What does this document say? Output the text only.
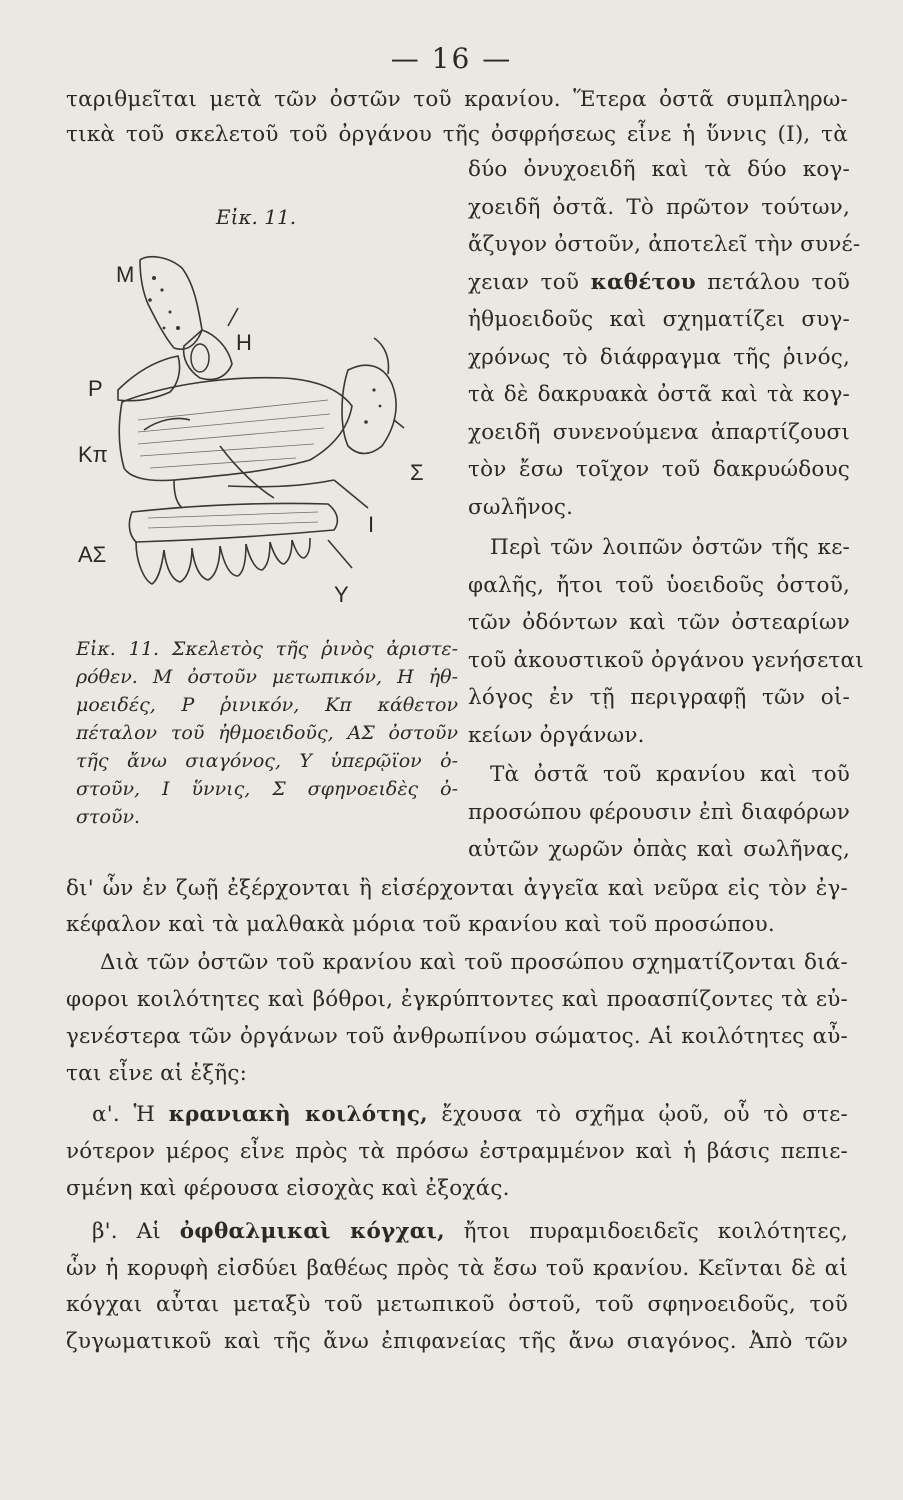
— 16 —
ταριθμεῖται μετὰ τῶν ὀστῶν τοῦ κρανίου. Ἕτερα ὀστᾶ συμπληρω-
τικὰ τοῦ σκελετοῦ τοῦ ὀργάνου τῆς ὀσφρήσεως εἶνε ἡ ὕννις (Ι), τὰ
Εἰκ. 11.
Μ
Η
Ρ
Κπ
ΑΣ
Σ
Ι
Υ
Εἰκ. 11. Σκελετὸς τῆς ῥινὸς ἀριστε-
ρόθεν. Μ ὀστοῦν μετωπικόν, Η ἠθ-
μοειδές, Ρ ῥινικόν, Κπ κάθετον
πέταλον τοῦ ἠθμοειδοῦς, ΑΣ ὀστοῦν
τῆς ἄνω σιαγόνος, Υ ὑπερῷϊον ὀ-
στοῦν, Ι ὕννις, Σ σφηνοειδὲς ὀ-
στοῦν.
δύο ὀνυχοειδῆ καὶ τὰ δύο κογ-
χοειδῆ ὀστᾶ. Τὸ πρῶτον τούτων,
ἄζυγον ὀστοῦν, ἀποτελεῖ τὴν συνέ-
χειαν τοῦ καθέτου πετάλου τοῦ
ἠθμοειδοῦς καὶ σχηματίζει συγ-
χρόνως τὸ διάφραγμα τῆς ῥινός,
τὰ δὲ δακρυακὰ ὀστᾶ καὶ τὰ κογ-
χοειδῆ συνενούμενα ἀπαρτίζουσι
τὸν ἔσω τοῖχον τοῦ δακρυώδους
σωλῆνος.
Περὶ τῶν λοιπῶν ὀστῶν τῆς κε-
φαλῆς, ἤτοι τοῦ ὑοειδοῦς ὀστοῦ,
τῶν ὀδόντων καὶ τῶν ὀστεαρίων
τοῦ ἀκουστικοῦ ὀργάνου γενήσεται
λόγος ἐν τῇ περιγραφῇ τῶν οἰ-
κείων ὀργάνων.
Τὰ ὀστᾶ τοῦ κρανίου καὶ τοῦ
προσώπου φέρουσιν ἐπὶ διαφόρων
αὐτῶν χωρῶν ὀπὰς καὶ σωλῆνας,
δι' ὧν ἐν ζωῇ ἐξέρχονται ἢ εἰσέρχονται ἀγγεῖα καὶ νεῦρα εἰς τὸν ἐγ-
κέφαλον καὶ τὰ μαλθακὰ μόρια τοῦ κρανίου καὶ τοῦ προσώπου.
Διὰ τῶν ὀστῶν τοῦ κρανίου καὶ τοῦ προσώπου σχηματίζονται διά-
φοροι κοιλότητες καὶ βόθροι, ἐγκρύπτοντες καὶ προασπίζοντες τὰ εὐ-
γενέστερα τῶν ὀργάνων τοῦ ἀνθρωπίνου σώματος. Αἱ κοιλότητες αὖ-
ται εἶνε αἱ ἑξῆς:
α'. Ἡ κρανιακὴ κοιλότης, ἔχουσα τὸ σχῆμα ᾠοῦ, οὗ τὸ στε-
νότερον μέρος εἶνε πρὸς τὰ πρόσω ἐστραμμένον καὶ ἡ βάσις πεπιε-
σμένη καὶ φέρουσα εἰσοχὰς καὶ ἐξοχάς.
β'. Αἱ ὀφθαλμικαὶ κόγχαι, ἤτοι πυραμιδοειδεῖς κοιλότητες,
ὧν ἡ κορυφὴ εἰσδύει βαθέως πρὸς τὰ ἔσω τοῦ κρανίου. Κεῖνται δὲ αἱ
κόγχαι αὗται μεταξὺ τοῦ μετωπικοῦ ὀστοῦ, τοῦ σφηνοειδοῦς, τοῦ
ζυγωματικοῦ καὶ τῆς ἄνω ἐπιφανείας τῆς ἄνω σιαγόνος. Ἀπὸ τῶν
